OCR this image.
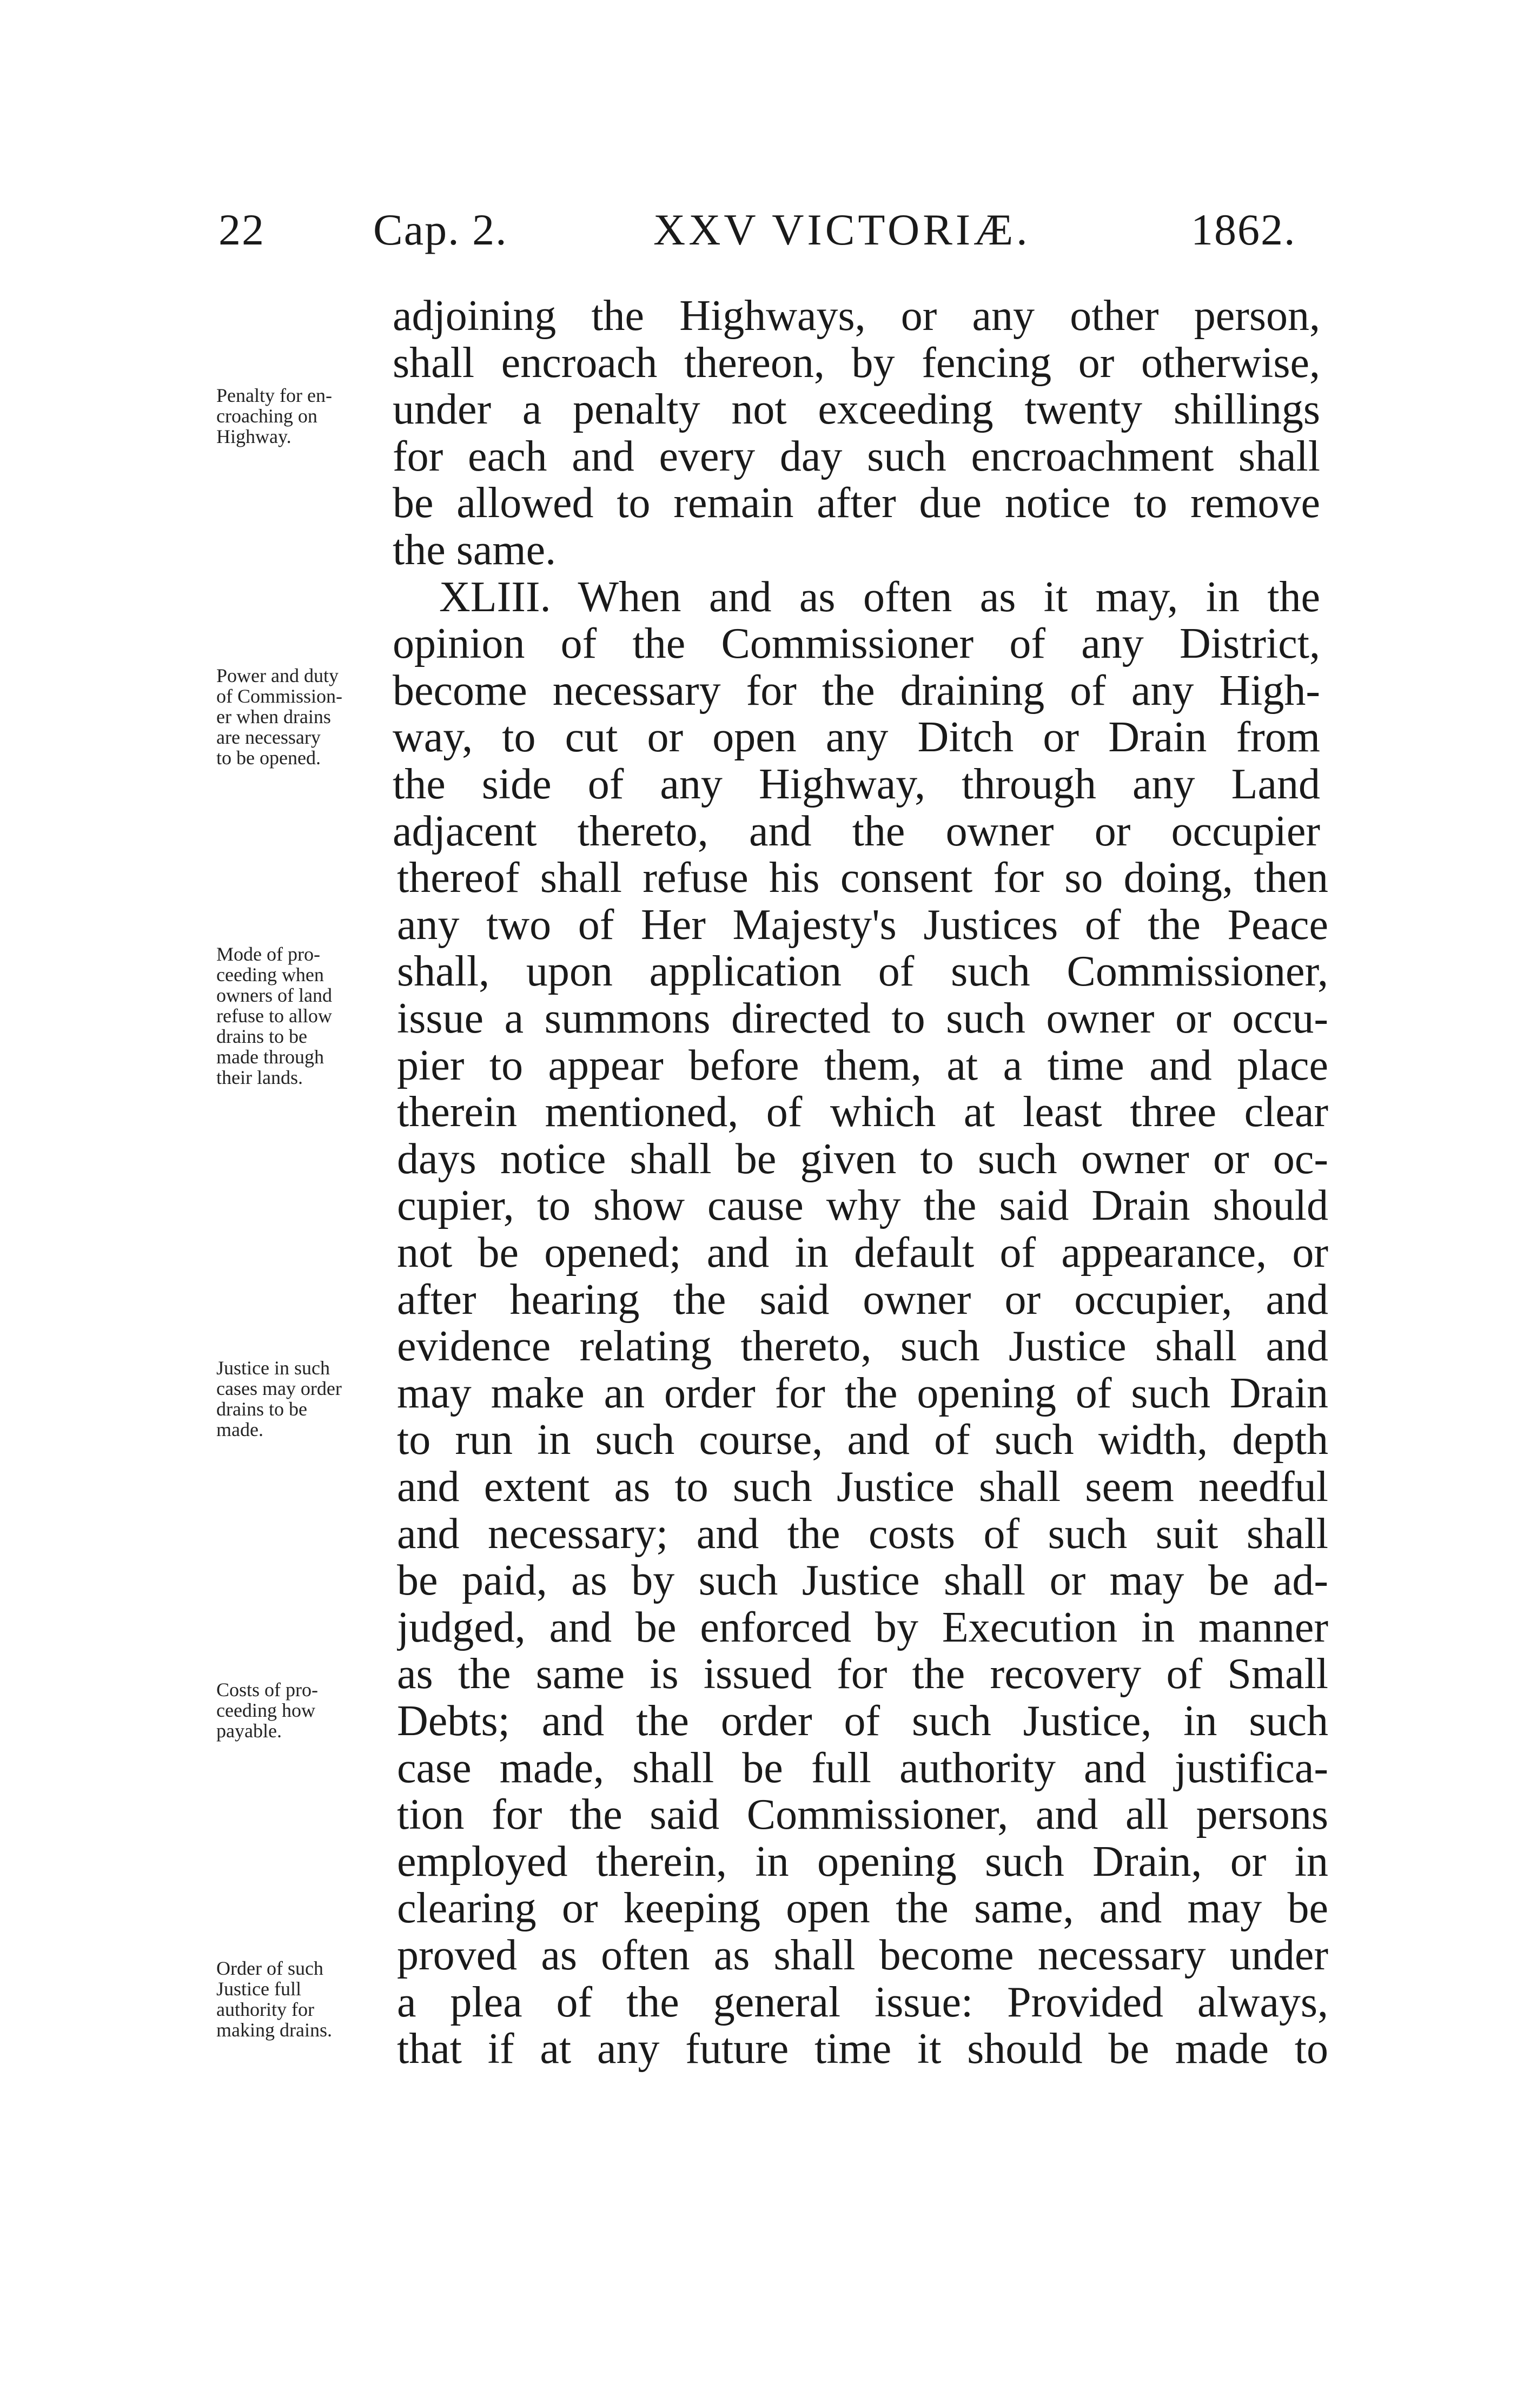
22 Cap. 2.	XXV VICTORIÆ.	1862.
adjoining the Highways, or any other person,
shall encroach thereon, by fencing or otherwise,
under a penalty not exceeding twenty shillings
for each and every day such encroachment shall
be allowed to remain after due notice to remove
the same.
XLIII. When and as often as it may, in the
opinion of the Commissioner of any District,
become necessary for the draining of any High-
way, to cut or open any Ditch or Drain from
the side of any Highway, through any Land
adjacent thereto, and the owner or occupier
thereof shall refuse his consent for so doing, then
any two of Her Majesty's Justices of the Peace
shall, upon application of such Commissioner,
issue a summons directed to such owner or occu-
pier to appear before them, at a time and place
therein mentioned, of which at least three clear
days notice shall be given to such owner or oc-
cupier, to show cause why the said Drain should
not be opened; and in default of appearance, or
after hearing the said owner or occupier, and
evidence relating thereto, such Justice shall and
may make an order for the opening of such Drain
to run in such course, and of such width, depth
and extent as to such Justice shall seem needful
and necessary; and the costs of such suit shall
be paid, as by such Justice shall or may be ad-
judged, and be enforced by Execution in manner
as the same is issued for the recovery of Small
Debts; and the order of such Justice, in such
case made, shall be full authority and justifica-
tion for the said Commissioner, and all persons
employed therein, in opening such Drain, or in
clearing or keeping open the same, and may be
proved as often as shall become necessary under
a plea of the general issue: Provided always,
that if at any future time it should be made to
Penalty for en-
croaching on
Highway.
Power and duty
of Commission-
er when drains
are necessary
to be opened.
Mode of pro-
ceeding when
owners of land
refuse to allow
drains to be
made through
their lands.
Justice in such
cases may order
drains to be
made.
Costs of pro-
ceeding how
payable.
Order of such
Justice full
authority for
making drains.
